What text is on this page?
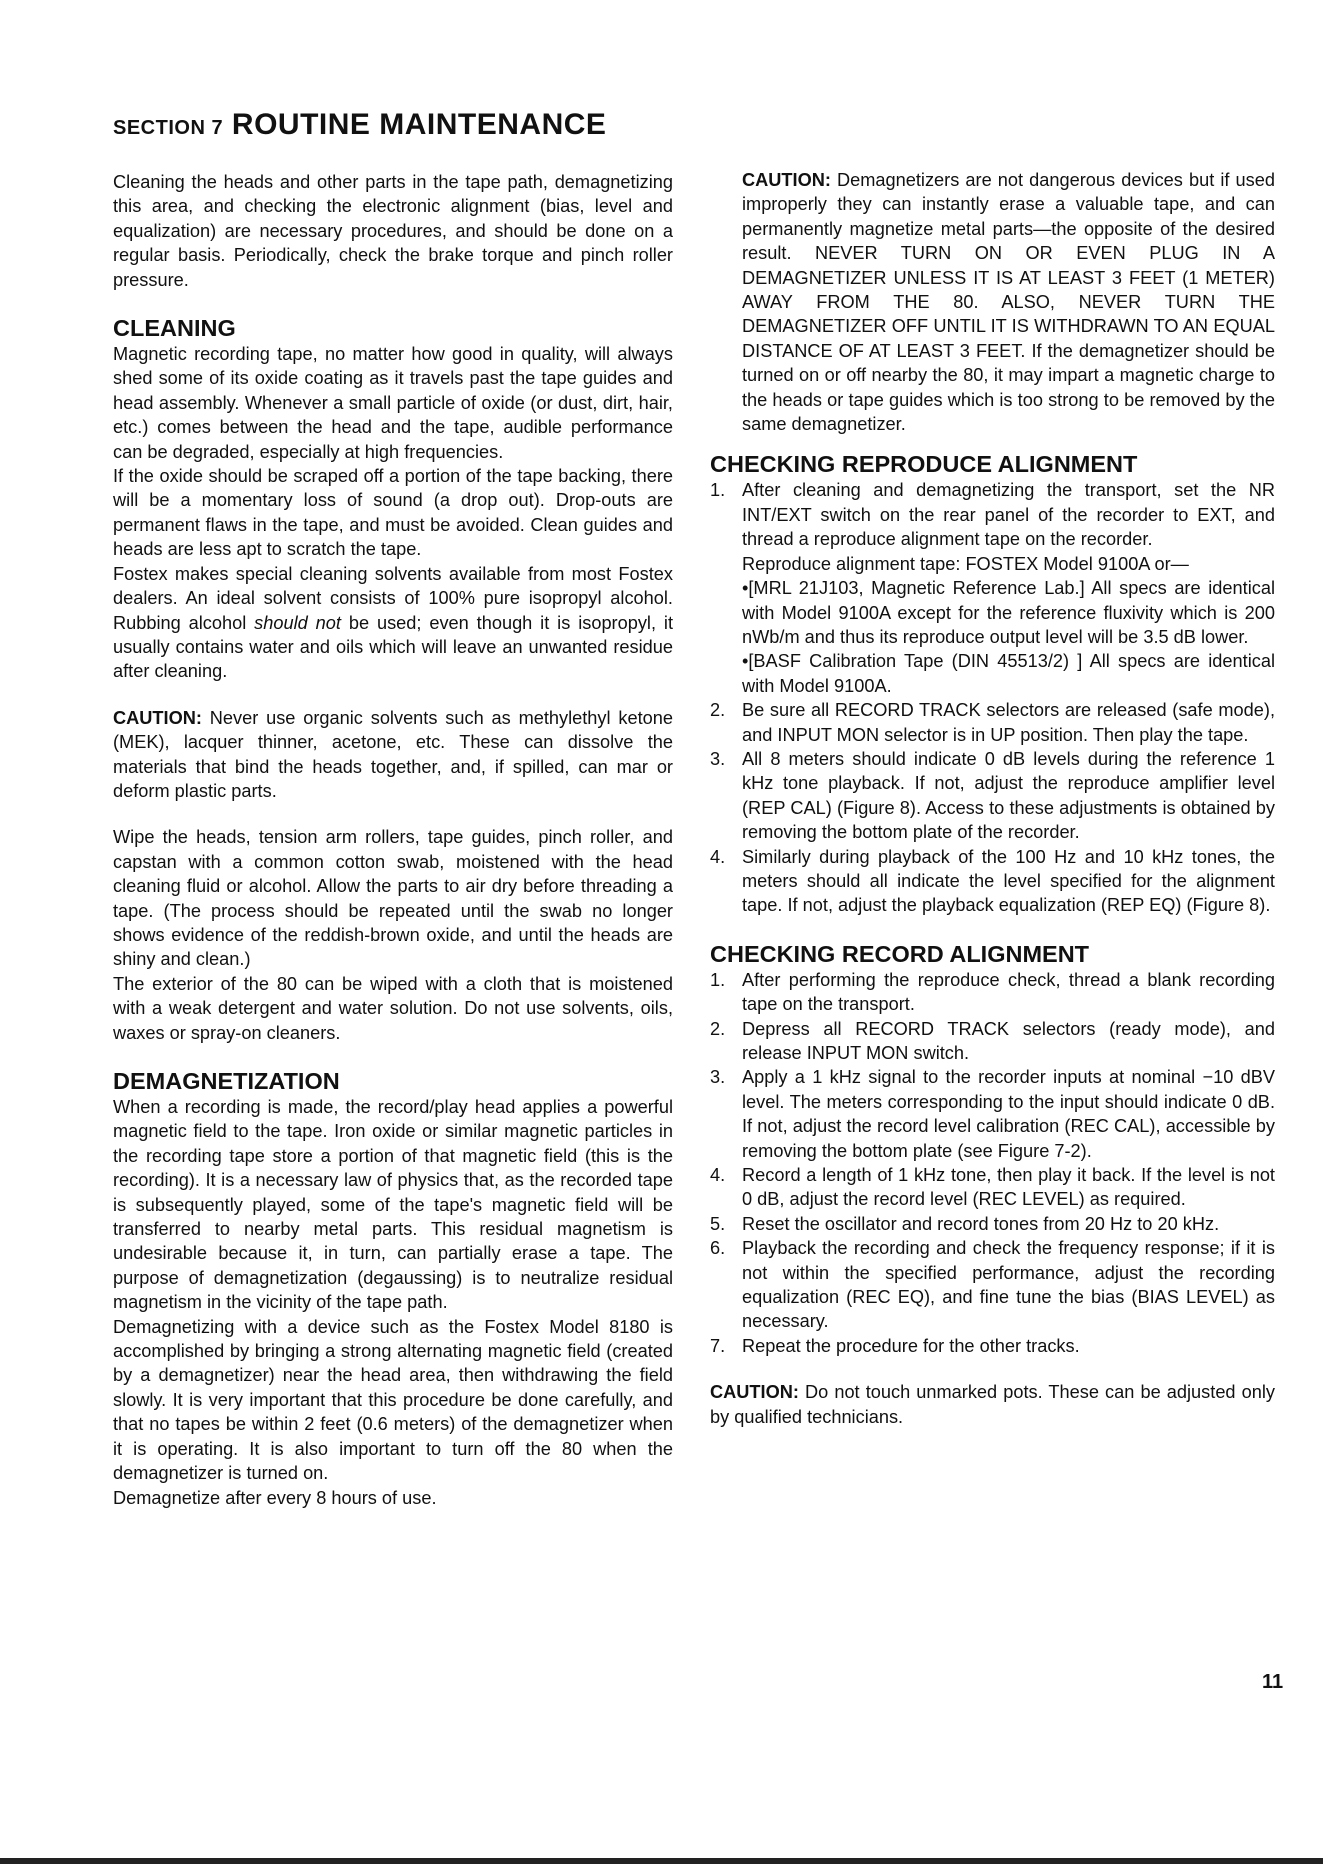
SECTION 7 ROUTINE MAINTENANCE

Cleaning the heads and other parts in the tape path, demagnetizing this area, and checking the electronic alignment (bias, level and equalization) are necessary procedures, and should be done on a regular basis. Periodically, check the brake torque and pinch roller pressure.

CLEANING

Magnetic recording tape, no matter how good in quality, will always shed some of its oxide coating as it travels past the tape guides and head assembly. Whenever a small particle of oxide (or dust, dirt, hair, etc.) comes between the head and the tape, audible performance can be degraded, especially at high frequencies.

If the oxide should be scraped off a portion of the tape backing, there will be a momentary loss of sound (a drop out). Drop-outs are permanent flaws in the tape, and must be avoided. Clean guides and heads are less apt to scratch the tape.

Fostex makes special cleaning solvents available from most Fostex dealers. An ideal solvent consists of 100% pure isopropyl alcohol. Rubbing alcohol should not be used; even though it is isopropyl, it usually contains water and oils which will leave an unwanted residue after cleaning.

CAUTION: Never use organic solvents such as methylethyl ketone (MEK), lacquer thinner, acetone, etc. These can dissolve the materials that bind the heads together, and, if spilled, can mar or deform plastic parts.

Wipe the heads, tension arm rollers, tape guides, pinch roller, and capstan with a common cotton swab, moistened with the head cleaning fluid or alcohol. Allow the parts to air dry before threading a tape. (The process should be repeated until the swab no longer shows evidence of the reddish-brown oxide, and until the heads are shiny and clean.)

The exterior of the 80 can be wiped with a cloth that is moistened with a weak detergent and water solution. Do not use solvents, oils, waxes or spray-on cleaners.

DEMAGNETIZATION

When a recording is made, the record/play head applies a powerful magnetic field to the tape. Iron oxide or similar magnetic particles in the recording tape store a portion of that magnetic field (this is the recording). It is a necessary law of physics that, as the recorded tape is subsequently played, some of the tape's magnetic field will be transferred to nearby metal parts. This residual magnetism is undesirable because it, in turn, can partially erase a tape. The purpose of demagnetization (degaussing) is to neutralize residual magnetism in the vicinity of the tape path.

Demagnetizing with a device such as the Fostex Model 8180 is accomplished by bringing a strong alternating magnetic field (created by a demagnetizer) near the head area, then withdrawing the field slowly. It is very important that this procedure be done carefully, and that no tapes be within 2 feet (0.6 meters) of the demagnetizer when it is operating. It is also important to turn off the 80 when the demagnetizer is turned on.

Demagnetize after every 8 hours of use.

CAUTION: Demagnetizers are not dangerous devices but if used improperly they can instantly erase a valuable tape, and can permanently magnetize metal parts—the opposite of the desired result. NEVER TURN ON OR EVEN PLUG IN A DEMAGNETIZER UNLESS IT IS AT LEAST 3 FEET (1 METER) AWAY FROM THE 80. ALSO, NEVER TURN THE DEMAGNETIZER OFF UNTIL IT IS WITHDRAWN TO AN EQUAL DISTANCE OF AT LEAST 3 FEET. If the demagnetizer should be turned on or off nearby the 80, it may impart a magnetic charge to the heads or tape guides which is too strong to be removed by the same demagnetizer.

CHECKING REPRODUCE ALIGNMENT
1. After cleaning and demagnetizing the transport, set the NR INT/EXT switch on the rear panel of the recorder to EXT, and thread a reproduce alignment tape on the recorder.
Reproduce alignment tape: FOSTEX Model 9100A or—
•[MRL 21J103, Magnetic Reference Lab.] All specs are identical with Model 9100A except for the reference fluxivity which is 200 nWb/m and thus its reproduce output level will be 3.5 dB lower.
•[BASF Calibration Tape (DIN 45513/2) ] All specs are identical with Model 9100A.
2. Be sure all RECORD TRACK selectors are released (safe mode), and INPUT MON selector is in UP position. Then play the tape.
3. All 8 meters should indicate 0 dB levels during the reference 1 kHz tone playback. If not, adjust the reproduce amplifier level (REP CAL) (Figure 8). Access to these adjustments is obtained by removing the bottom plate of the recorder.
4. Similarly during playback of the 100 Hz and 10 kHz tones, the meters should all indicate the level specified for the alignment tape. If not, adjust the playback equalization (REP EQ) (Figure 8).
CHECKING RECORD ALIGNMENT
1. After performing the reproduce check, thread a blank recording tape on the transport.
2. Depress all RECORD TRACK selectors (ready mode), and release INPUT MON switch.
3. Apply a 1 kHz signal to the recorder inputs at nominal −10 dBV level. The meters corresponding to the input should indicate 0 dB. If not, adjust the record level calibration (REC CAL), accessible by removing the bottom plate (see Figure 7-2).
4. Record a length of 1 kHz tone, then play it back. If the level is not 0 dB, adjust the record level (REC LEVEL) as required.
5. Reset the oscillator and record tones from 20 Hz to 20 kHz.
6. Playback the recording and check the frequency response; if it is not within the specified performance, adjust the recording equalization (REC EQ), and fine tune the bias (BIAS LEVEL) as necessary.
7. Repeat the procedure for the other tracks.

CAUTION: Do not touch unmarked pots. These can be adjusted only by qualified technicians.

11
